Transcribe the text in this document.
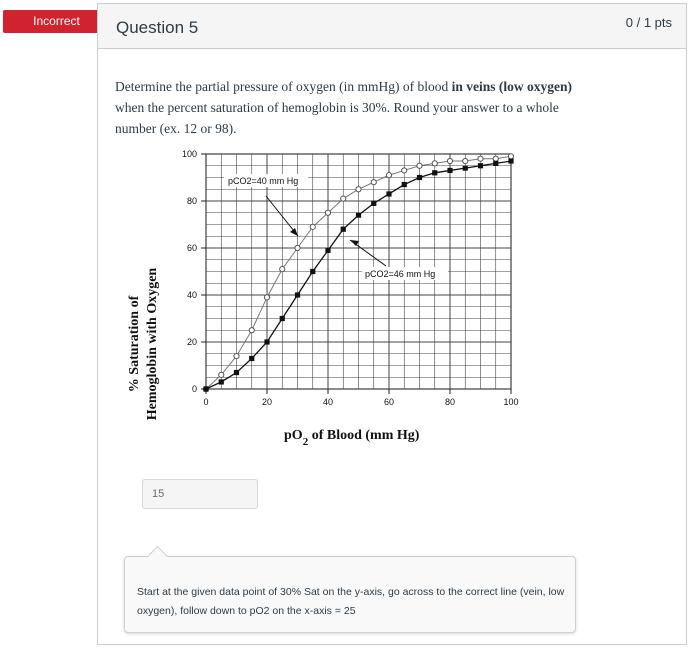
Incorrect	Question 5	0 / 1 pts
Determine the partial pressure of oxygen (in mmHg) of blood in veins (low oxygen) when the percent saturation of hemoglobin is 30%. Round your answer to a whole number (ex. 12 or 98).
0	20	40	60	80	100
0
20
40
60
80
100
% Saturation of Hemoglobin with Oxygen
$pO_2$ of Blood (mm Hg)
pCO2=40 mm Hg
pCO2=46 mm Hg
15
Start at the given data point of 30% Sat on the y-axis, go across to the correct line (vein, low oxygen), follow down to pO2 on the x-axis = 25
